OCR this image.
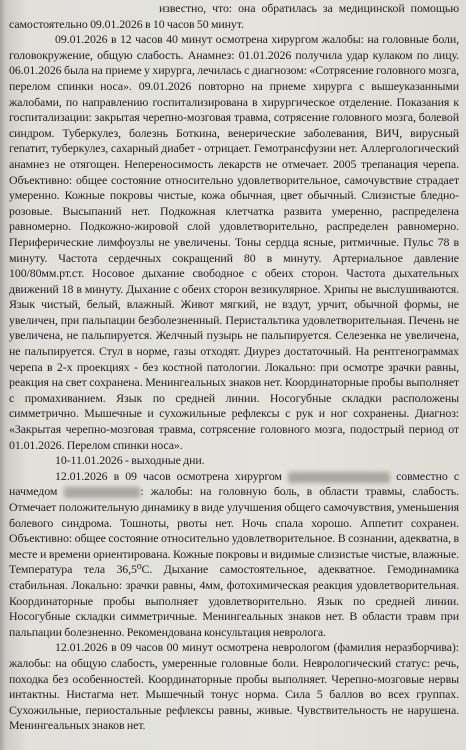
известно, что: она обратилась за медицинской помощью самостоятельно 09.01.2026 в 10 часов 50 минут.

09.01.2026 в 12 часов 40 минут осмотрена хирургом жалобы: на головные боли, головокружение, общую слабость. Анамнез: 01.01.2026 получила удар кулаком по лицу. 06.01.2026 была на приеме у хирурга, лечилась с диагнозом: «Сотрясение головного мозга, перелом спинки носа». 09.01.2026 повторно на приеме хирурга с вышеуказанными жалобами, по направлению госпитализирована в хирургическое отделение. Показания к госпитализации: закрытая черепно-мозговая травма, сотрясение головного мозга, болевой синдром. Туберкулез, болезнь Боткина, венерические заболевания, ВИЧ, вирусный гепатит, туберкулез, сахарный диабет - отрицает. Гемотрансфузии нет. Аллергологический анамнез не отягощен. Непереносимость лекарств не отмечает. 2005 трепанация черепа. Объективно: общее состояние относительно удовлетворительное, самочувствие страдает умеренно. Кожные покровы чистые, кожа обычная, цвет обычный. Слизистые бледно-розовые. Высыпаний нет. Подкожная клетчатка развита умеренно, распределена равномерно. Подкожно-жировой слой удовлетворительно, распределен равномерно. Периферические лимфоузлы не увеличены. Тоны сердца ясные, ритмичные. Пульс 78 в минуту. Частота сердечных сокращений 80 в минуту. Артериальное давление 100/80мм.рт.ст. Носовое дыхание свободное с обеих сторон. Частота дыхательных движений 18 в минуту. Дыхание с обеих сторон везикулярное. Хрипы не выслушиваются. Язык чистый, белый, влажный. Живот мягкий, не вздут, урчит, обычной формы, не увеличен, при пальпации безболезненный. Перистальтика удовлетворительная. Печень не увеличена, не пальпируется. Желчный пузырь не пальпируется. Селезенка не увеличена, не пальпируется. Стул в норме, газы отходят. Диурез достаточный. На рентгенограммах черепа в 2-х проекциях - без костной патологии. Локально: при осмотре зрачки равны, реакция на свет сохранена. Менингеальных знаков нет. Координаторные пробы выполняет с промахиванием. Язык по средней линии. Носогубные складки расположены симметрично. Мышечные и сухожильные рефлексы с рук и ног сохранены. Диагноз: «Закрытая черепно-мозговая травма, сотрясение головного мозга, подострый период от 01.01.2026. Перелом спинки носа».

10-11.01.2026 - выходные дни.

12.01.2026 в 09 часов осмотрена хирургом	совместно с начмедом	: жалобы: на головную боль, в области травмы, слабость. Отмечает положительную динамику в виде улучшения общего самочувствия, уменьшения болевого синдрома. Тошноты, рвоты нет. Ночь спала хорошо. Аппетит сохранен. Объективно: общее состояние относительно удовлетворительное. В сознании, адекватна, в месте и времени ориентирована. Кожные покровы и видимые слизистые чистые, влажные. Температура тела 36,5⁰С. Дыхание самостоятельное, адекватное. Гемодинамика стабильная. Локально: зрачки равны, 4мм, фотохимическая реакция удовлетворительная. Координаторные пробы выполняет удовлетворительно. Язык по средней линии. Носогубные складки симметричные. Менингеальных знаков нет. В области травм при пальпации болезненно. Рекомендована консультация невролога.

12.01.2026 в 09 часов 00 минут осмотрена неврологом (фамилия неразборчива): жалобы: на общую слабость, умеренные головные боли. Неврологический статус: речь, походка без особенностей. Координаторные пробы выполняет. Черепно-мозговые нервы интактны. Нистагма нет. Мышечный тонус норма. Сила 5 баллов во всех группах. Сухожильные, периостальные рефлексы равны, живые. Чувствительность не нарушена. Менингеальных знаков нет.
